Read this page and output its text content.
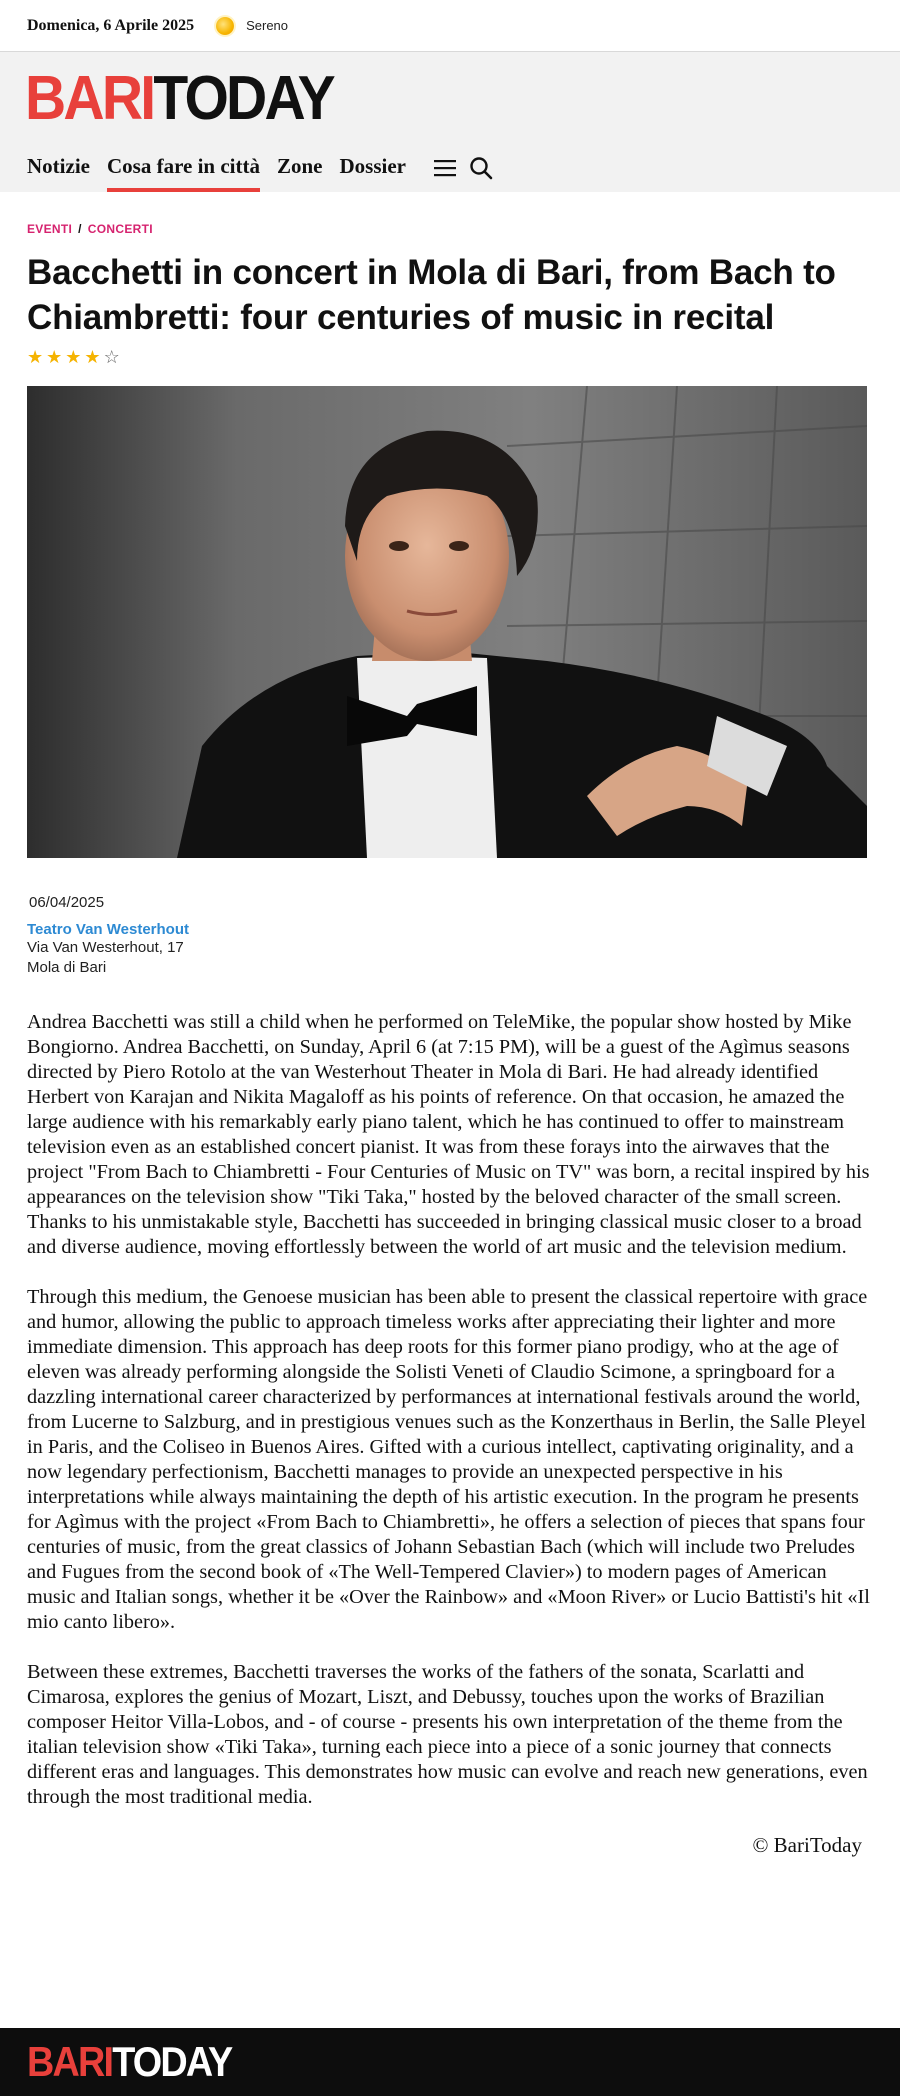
Domenica, 6 Aprile 2025	Sereno
BARITODAY
Notizie Cosa fare in città Zone Dossier
EVENTI / CONCERTI
Bacchetti in concert in Mola di Bari, from Bach to Chiambretti: four centuries of music in recital
★ ★ ★ ★ ☆
06/04/2025
Teatro Van Westerhout
Via Van Westerhout, 17
Mola di Bari

Andrea Bacchetti was still a child when he performed on TeleMike, the popular show hosted by Mike Bongiorno. Andrea Bacchetti, on Sunday, April 6 (at 7:15 PM), will be a guest of the Agìmus seasons directed by Piero Rotolo at the van Westerhout Theater in Mola di Bari. He had already identified Herbert von Karajan and Nikita Magaloff as his points of reference. On that occasion, he amazed the large audience with his remarkably early piano talent, which he has continued to offer to mainstream television even as an established concert pianist. It was from these forays into the airwaves that the project "From Bach to Chiambretti - Four Centuries of Music on TV" was born, a recital inspired by his appearances on the television show "Tiki Taka," hosted by the beloved character of the small screen. Thanks to his unmistakable style, Bacchetti has succeeded in bringing classical music closer to a broad and diverse audience, moving effortlessly between the world of art music and the television medium.

Through this medium, the Genoese musician has been able to present the classical repertoire with grace and humor, allowing the public to approach timeless works after appreciating their lighter and more immediate dimension. This approach has deep roots for this former piano prodigy, who at the age of eleven was already performing alongside the Solisti Veneti of Claudio Scimone, a springboard for a dazzling international career characterized by performances at international festivals around the world, from Lucerne to Salzburg, and in prestigious venues such as the Konzerthaus in Berlin, the Salle Pleyel in Paris, and the Coliseo in Buenos Aires. Gifted with a curious intellect, captivating originality, and a now legendary perfectionism, Bacchetti manages to provide an unexpected perspective in his interpretations while always maintaining the depth of his artistic execution. In the program he presents for Agìmus with the project «From Bach to Chiambretti», he offers a selection of pieces that spans four centuries of music, from the great classics of Johann Sebastian Bach (which will include two Preludes and Fugues from the second book of «The Well-Tempered Clavier») to modern pages of American music and Italian songs, whether it be «Over the Rainbow» and «Moon River» or Lucio Battisti's hit «Il mio canto libero».

Between these extremes, Bacchetti traverses the works of the fathers of the sonata, Scarlatti and Cimarosa, explores the genius of Mozart, Liszt, and Debussy, touches upon the works of Brazilian composer Heitor Villa-Lobos, and - of course - presents his own interpretation of the theme from the italian television show «Tiki Taka», turning each piece into a piece of a sonic journey that connects different eras and languages. This demonstrates how music can evolve and reach new generations, even through the most traditional media.

© BariToday
BARITODAY
